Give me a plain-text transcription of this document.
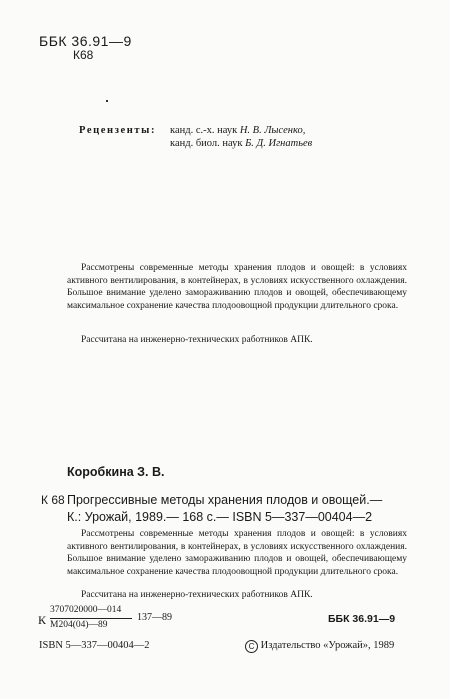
ББК 36.91—9
К68
Рецензенты: канд. с.-х. наук Н. В. Лысенко,
канд. биол. наук Б. Д. Игнатьев
Рассмотрены современные методы хранения плодов и овощей: в условиях активного вентилирования, в контейнерах, в условиях искусственного охлаждения. Большое внимание уделено замораживанию плодов и овощей, обеспечивающему максимальное сохранение качества плодоовощной продукции длительного срока.
Рассчитана на инженерно-технических работников АПК.
Коробкина З. В.
К 68 Прогрессивные методы хранения плодов и овощей.—
К.: Урожай, 1989.— 168 с.— ISBN 5—337—00404—2
Рассмотрены современные методы хранения плодов и овощей: в условиях активного вентилирования, в контейнерах, в условиях искусственного охлаждения. Большое внимание уделено замораживанию плодов и овощей, обеспечивающему максимальное сохранение качества плодоовощной продукции длительного срока.
Рассчитана на инженерно-технических работников АПК.
К
3707020000—014
М204(04)—89
137—89	ББК 36.91—9
ISBN 5—337—00404—2	C Издательство «Урожай», 1989
